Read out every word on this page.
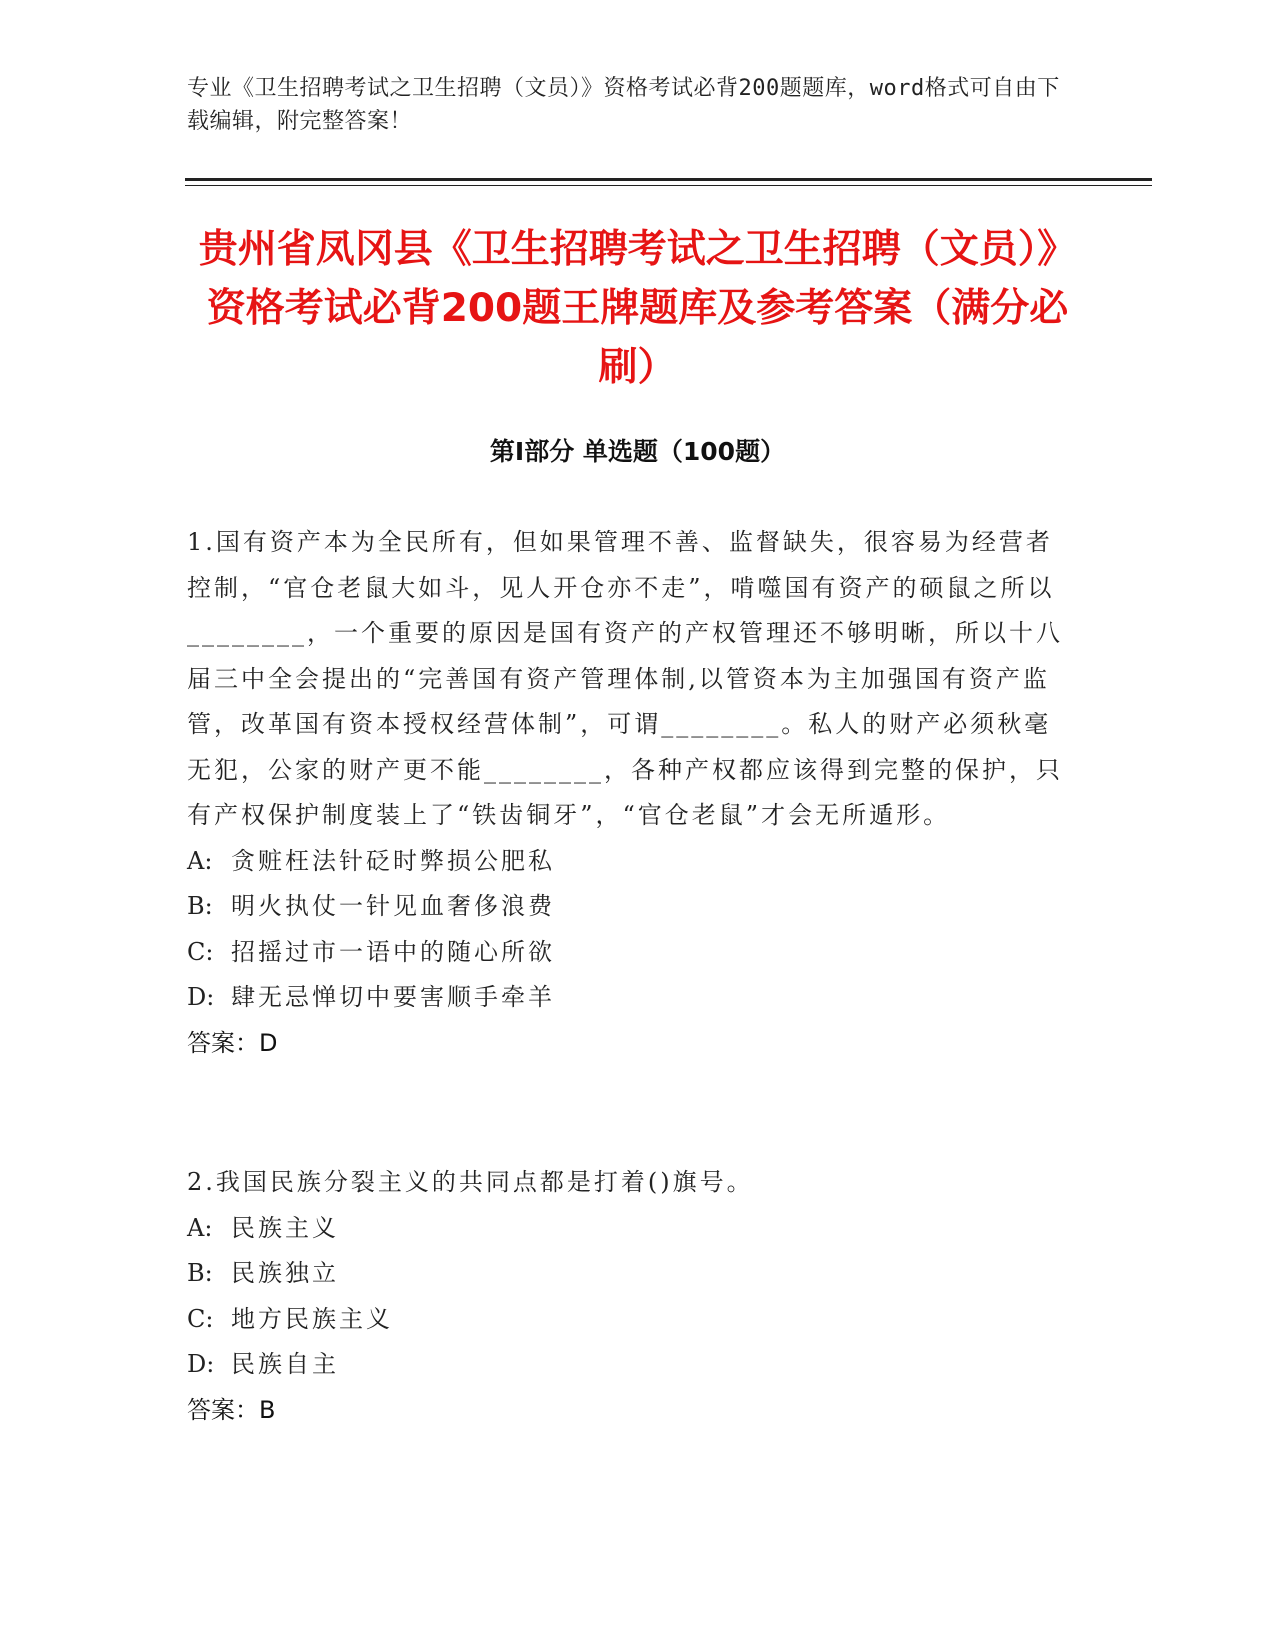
专业《卫生招聘考试之卫生招聘（文员）》资格考试必背200题题库，word格式可自由下载编辑，附完整答案！
贵州省凤冈县《卫生招聘考试之卫生招聘（文员）》资格考试必背200题王牌题库及参考答案（满分必刷）
第Ⅰ部分 单选题（100题）

1.国有资产本为全民所有，但如果管理不善、监督缺失，很容易为经营者控制，“官仓老鼠大如斗，见人开仓亦不走”，啃噬国有资产的硕鼠之所以________，一个重要的原因是国有资产的产权管理还不够明晰，所以十八届三中全会提出的“完善国有资产管理体制,以管资本为主加强国有资产监管，改革国有资本授权经营体制”，可谓________。私人的财产必须秋毫无犯，公家的财产更不能________，各种产权都应该得到完整的保护，只有产权保护制度装上了“铁齿铜牙”，“官仓老鼠”才会无所遁形。

A: 贪赃枉法针砭时弊损公肥私

B: 明火执仗一针见血奢侈浪费

C: 招摇过市一语中的随心所欲

D: 肆无忌惮切中要害顺手牵羊

答案：D

2.我国民族分裂主义的共同点都是打着()旗号。

A: 民族主义

B: 民族独立

C: 地方民族主义

D: 民族自主

答案：B
